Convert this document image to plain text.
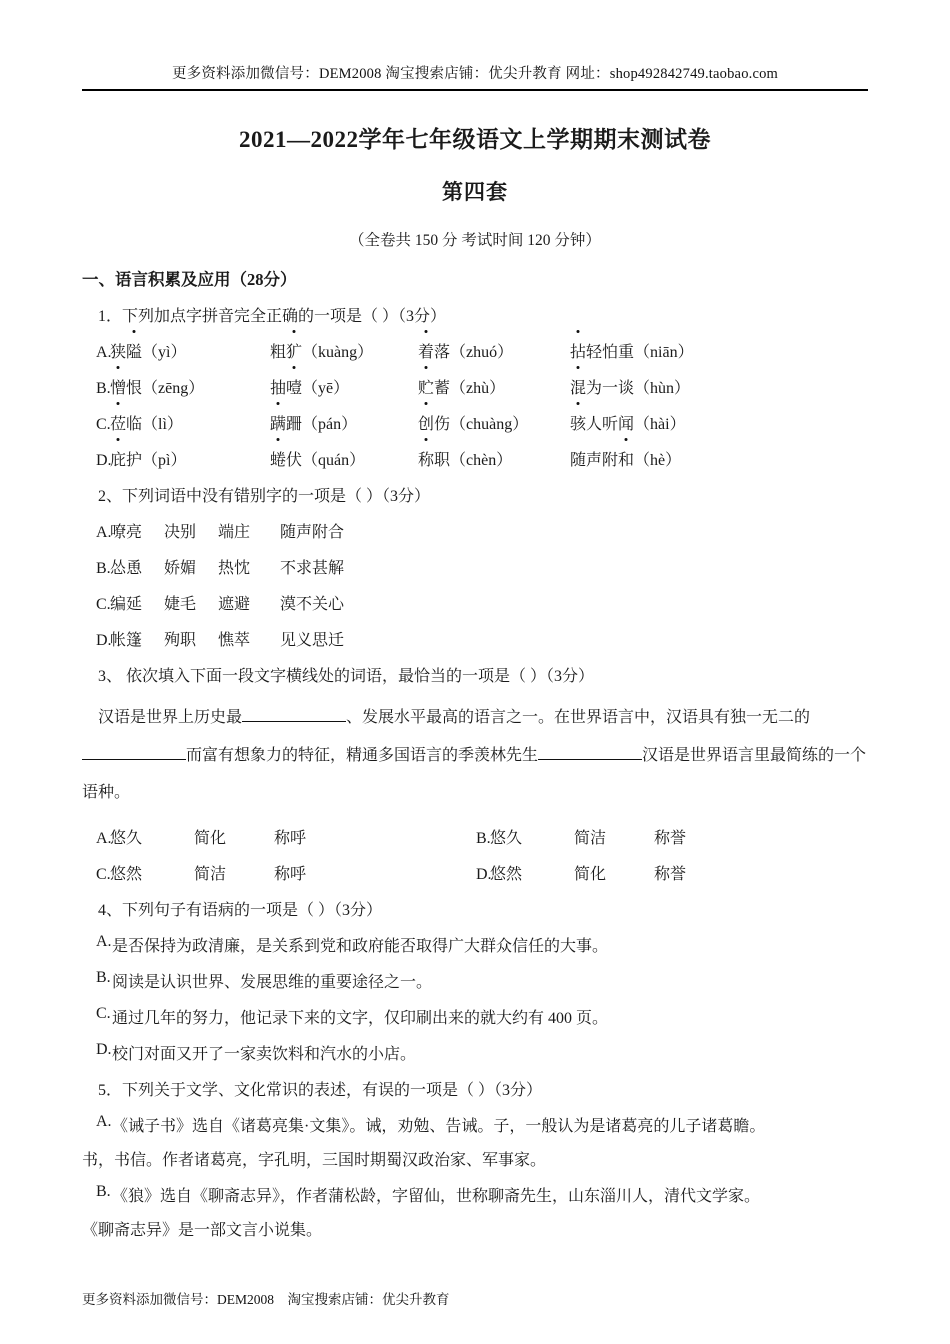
更多资料添加微信号：DEM2008 淘宝搜索店铺：优尖升教育 网址：shop492842749.taobao.com
2021—2022学年七年级语文上学期期末测试卷
第四套
（全卷共 150 分 考试时间 120 分钟）
一、语言积累及应用（28分）
1．下列加点字拼音完全正确的一项是（ ）（3分）
A.
狭隘（yì）	粗犷（kuàng）	着落（zhuó）	拈轻怕重（niān）
B. 憎恨（zēng）	抽噎（yē）	贮蓄（zhù）	混为一谈（hùn）
C. 莅临（lì）	蹒跚（pán）	创伤（chuàng）	骇人听闻（hài）
D.
庇护（pì）	蜷伏（quán）	称职（chèn）	随声附和（hè）
2、下列词语中没有错别字的一项是（ ）（3分）
A.
嘹亮	决别	端庄	随声附合
B. 怂恿	娇媚	热忱	不求甚解
C. 编延	婕毛	遮避	漠不关心
D.
帐篷	殉职	憔萃	见义思迁
3、 依次填入下面一段文字横线处的词语，最恰当的一项是（ ）（3分）
汉语是世界上历史最	、发展水平最高的语言之一。在世界语言中，汉语具有独一无二的而富有想象力的特征，精通多国语言的季羡林先生	汉语是世界语言里最简练的一个语种。
A.
悠久	简化	称呼	B. 悠久	简洁	称誉
C. 悠然	简洁	称呼	D.
悠然	简化	称誉
4、下列句子有语病的一项是（ ）（3分）
A. 是否保持为政清廉，是关系到党和政府能否取得广大群众信任的大事。
B. 阅读是认识世界、发展思维的重要途径之一。
C. 通过几年的努力，他记录下来的文字，仅印刷出来的就大约有 400 页。
D. 校门对面又开了一家卖饮料和汽水的小店。
5．下列关于文学、文化常识的表述，有误的一项是（ ）（3分）
A. 《诫子书》选自《诸葛亮集·文集》。诫，劝勉、告诫。子，一般认为是诸葛亮的儿子诸葛瞻。
书，书信。作者诸葛亮，字孔明，三国时期蜀汉政治家、军事家。
B. 《狼》选自《聊斋志异》，作者蒲松龄，字留仙，世称聊斋先生，山东淄川人，清代文学家。
《聊斋志异》是一部文言小说集。
更多资料添加微信号：DEM2008　淘宝搜索店铺：优尖升教育
